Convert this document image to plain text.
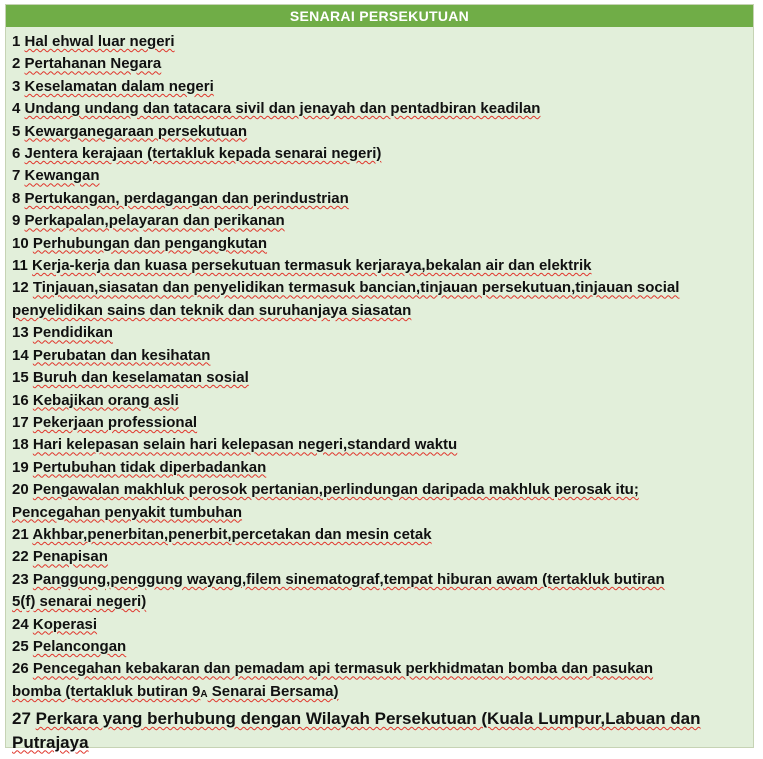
SENARAI PERSEKUTUAN
1 Hal ehwal luar negeri
2 Pertahanan Negara
3 Keselamatan dalam negeri
4 Undang undang dan tatacara sivil dan jenayah dan pentadbiran keadilan
5 Kewarganegaraan persekutuan
6 Jentera kerajaan (tertakluk kepada senarai negeri)
7 Kewangan
8 Pertukangan, perdagangan dan perindustrian
9 Perkapalan,pelayaran dan perikanan
10 Perhubungan dan pengangkutan
11 Kerja-kerja dan kuasa persekutuan termasuk kerjaraya,bekalan air dan elektrik
12 Tinjauan,siasatan dan penyelidikan termasuk bancian,tinjauan persekutuan,tinjauan social
penyelidikan sains dan teknik dan suruhanjaya siasatan
13 Pendidikan
14 Perubatan dan kesihatan
15 Buruh dan keselamatan sosial
16 Kebajikan orang asli
17 Pekerjaan professional
18 Hari kelepasan selain hari kelepasan negeri,standard waktu
19 Pertubuhan tidak diperbadankan
20 Pengawalan makhluk perosok pertanian,perlindungan daripada makhluk perosak itu;
Pencegahan penyakit tumbuhan
21 Akhbar,penerbitan,penerbit,percetakan dan mesin cetak
22 Penapisan
23 Panggung,penggung wayang,filem sinematograf,tempat hiburan awam (tertakluk butiran
5(f) senarai negeri)
24 Koperasi
25 Pelancongan
26 Pencegahan kebakaran dan pemadam api termasuk perkhidmatan bomba dan pasukan
bomba (tertakluk butiran 9A Senarai Bersama)
27 Perkara yang berhubung dengan Wilayah Persekutuan (Kuala Lumpur,Labuan dan
Putrajaya
